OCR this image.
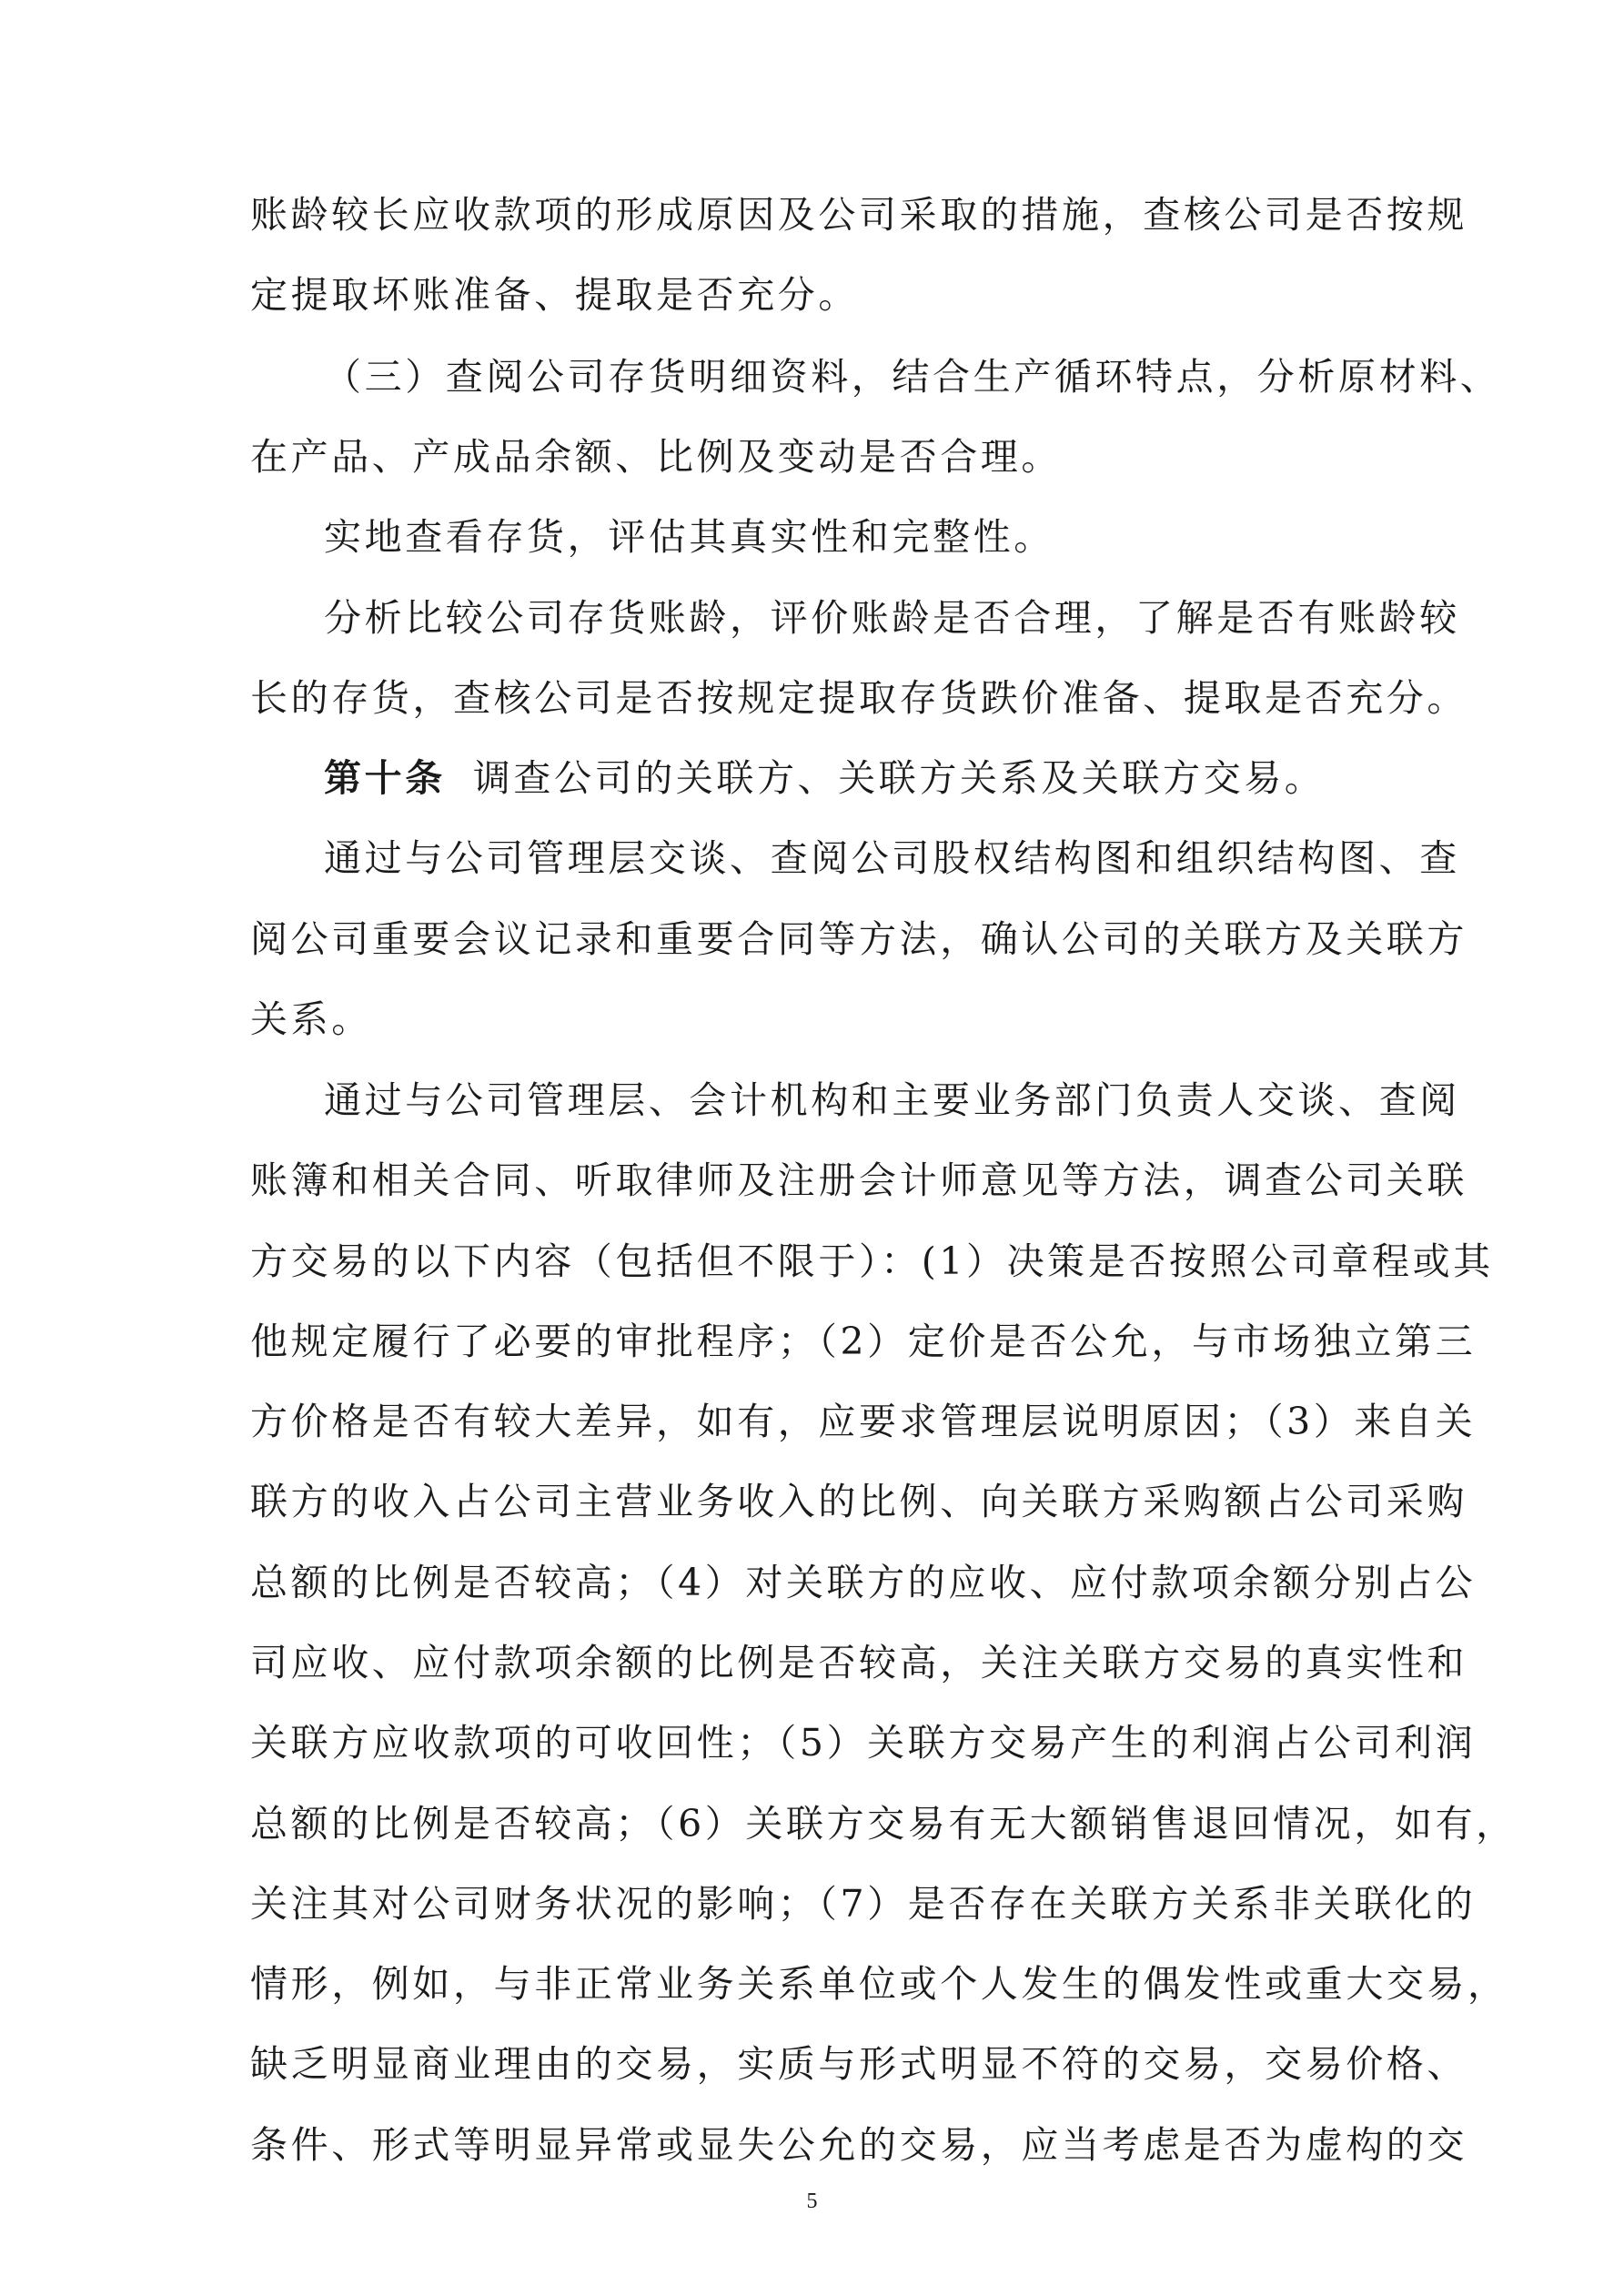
账龄较长应收款项的形成原因及公司采取的措施，查核公司是否按规
定提取坏账准备、提取是否充分。
（三）查阅公司存货明细资料，结合生产循环特点，分析原材料、
在产品、产成品余额、比例及变动是否合理。
实地查看存货，评估其真实性和完整性。
分析比较公司存货账龄，评价账龄是否合理，了解是否有账龄较
长的存货，查核公司是否按规定提取存货跌价准备、提取是否充分。
第十条 调查公司的关联方、关联方关系及关联方交易。
通过与公司管理层交谈、查阅公司股权结构图和组织结构图、查
阅公司重要会议记录和重要合同等方法，确认公司的关联方及关联方
关系。
通过与公司管理层、会计机构和主要业务部门负责人交谈、查阅
账簿和相关合同、听取律师及注册会计师意见等方法，调查公司关联
方交易的以下内容（包括但不限于）：(1）决策是否按照公司章程或其
他规定履行了必要的审批程序；（2）定价是否公允，与市场独立第三
方价格是否有较大差异，如有，应要求管理层说明原因；（3）来自关
联方的收入占公司主营业务收入的比例、向关联方采购额占公司采购
总额的比例是否较高；（4）对关联方的应收、应付款项余额分别占公
司应收、应付款项余额的比例是否较高，关注关联方交易的真实性和
关联方应收款项的可收回性；（5）关联方交易产生的利润占公司利润
总额的比例是否较高；（6）关联方交易有无大额销售退回情况，如有，
关注其对公司财务状况的影响；（7）是否存在关联方关系非关联化的
情形，例如，与非正常业务关系单位或个人发生的偶发性或重大交易，
缺乏明显商业理由的交易，实质与形式明显不符的交易，交易价格、
条件、形式等明显异常或显失公允的交易，应当考虑是否为虚构的交
5
